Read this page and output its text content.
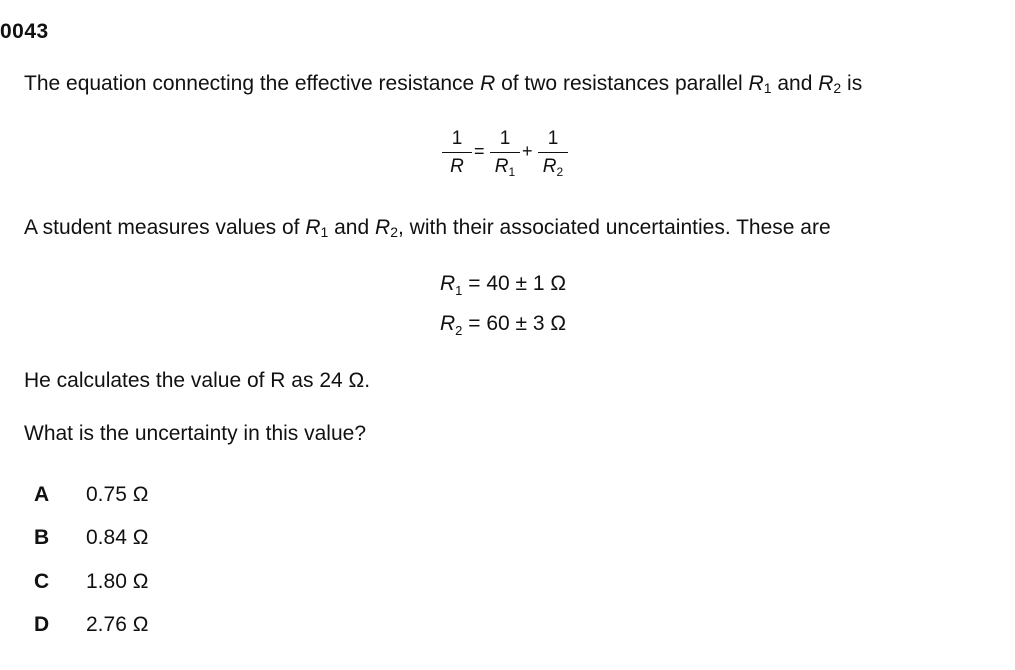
0043
The equation connecting the effective resistance R of two resistances parallel $R_1$ and $R_2$ is
1
R
=
1
$R_1$
+
1
$R_2$
A student measures values of $R_1$ and $R_2$, with their associated uncertainties. These are
$R_1 = 40 \pm 1$ Ω
$R_2 = 60 \pm 3$ Ω
He calculates the value of R as 24 Ω.
What is the uncertainty in this value?
A 0.75 Ω
B 0.84 Ω
C 1.80 Ω
D 2.76 Ω
